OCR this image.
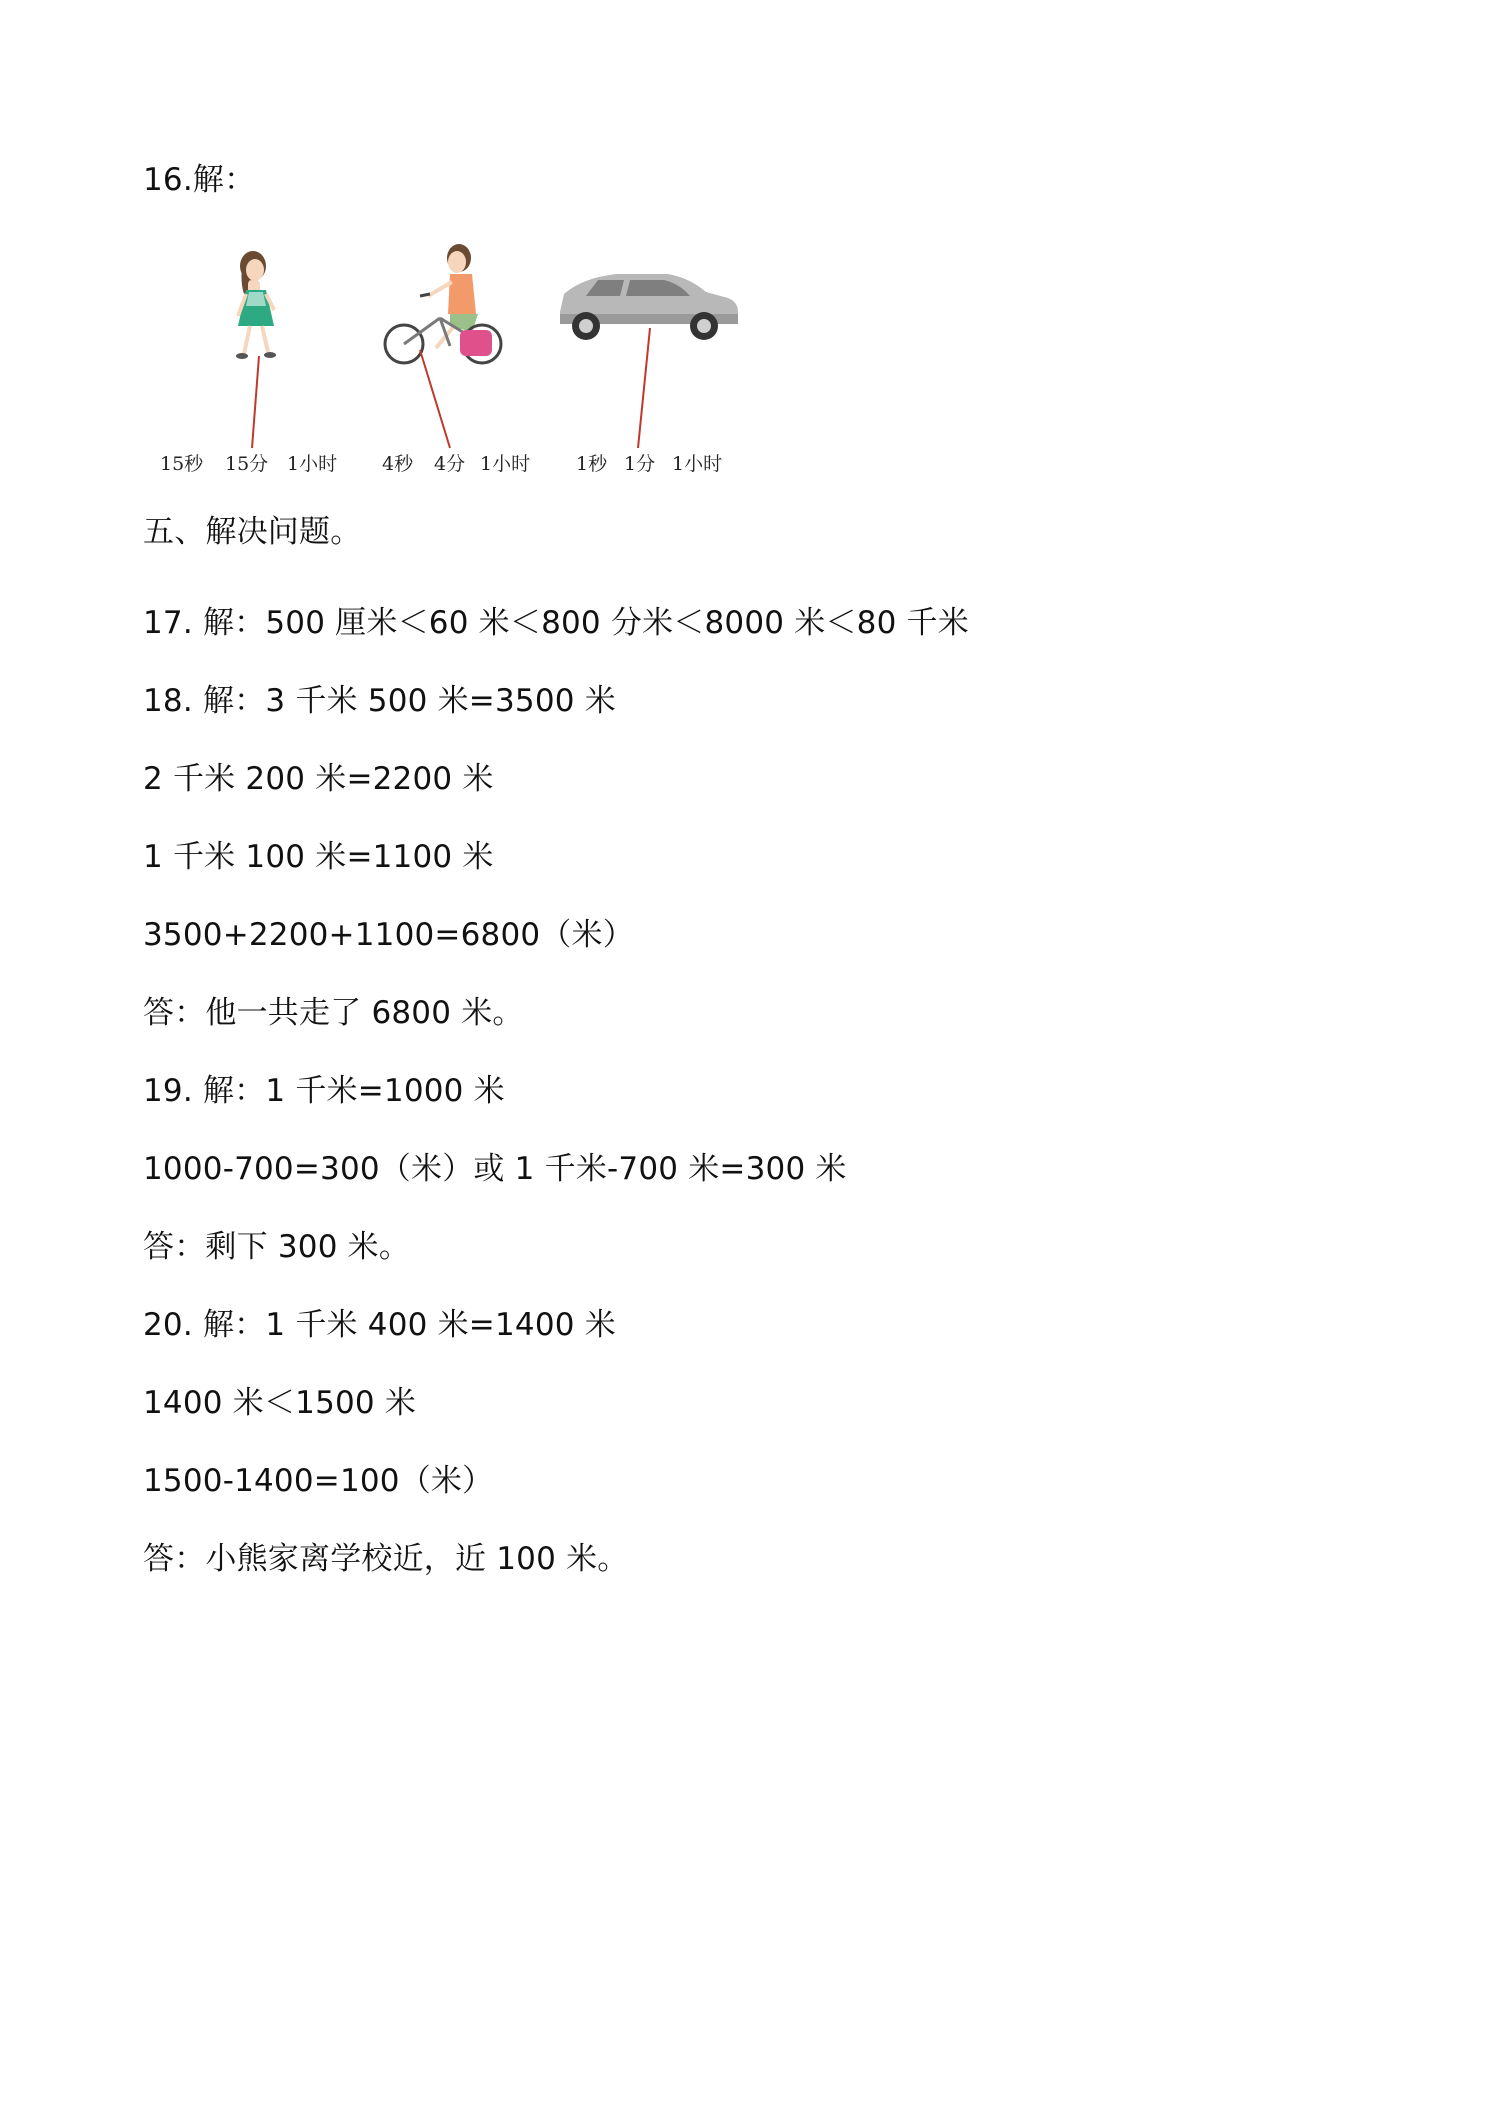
16.解：
15秒 15分 1小时 4秒 4分 1小时 1秒 1分 1小时
五、解决问题。
17. 解：500 厘米＜60 米＜800 分米＜8000 米＜80 千米
18. 解：3 千米 500 米=3500 米
2 千米 200 米=2200 米
1 千米 100 米=1100 米
3500+2200+1100=6800（米）
答：他一共走了 6800 米。
19. 解：1 千米=1000 米
1000-700=300（米）或 1 千米-700 米=300 米
答：剩下 300 米。
20. 解：1 千米 400 米=1400 米
1400 米＜1500 米
1500-1400=100（米）
答：小熊家离学校近，近 100 米。
